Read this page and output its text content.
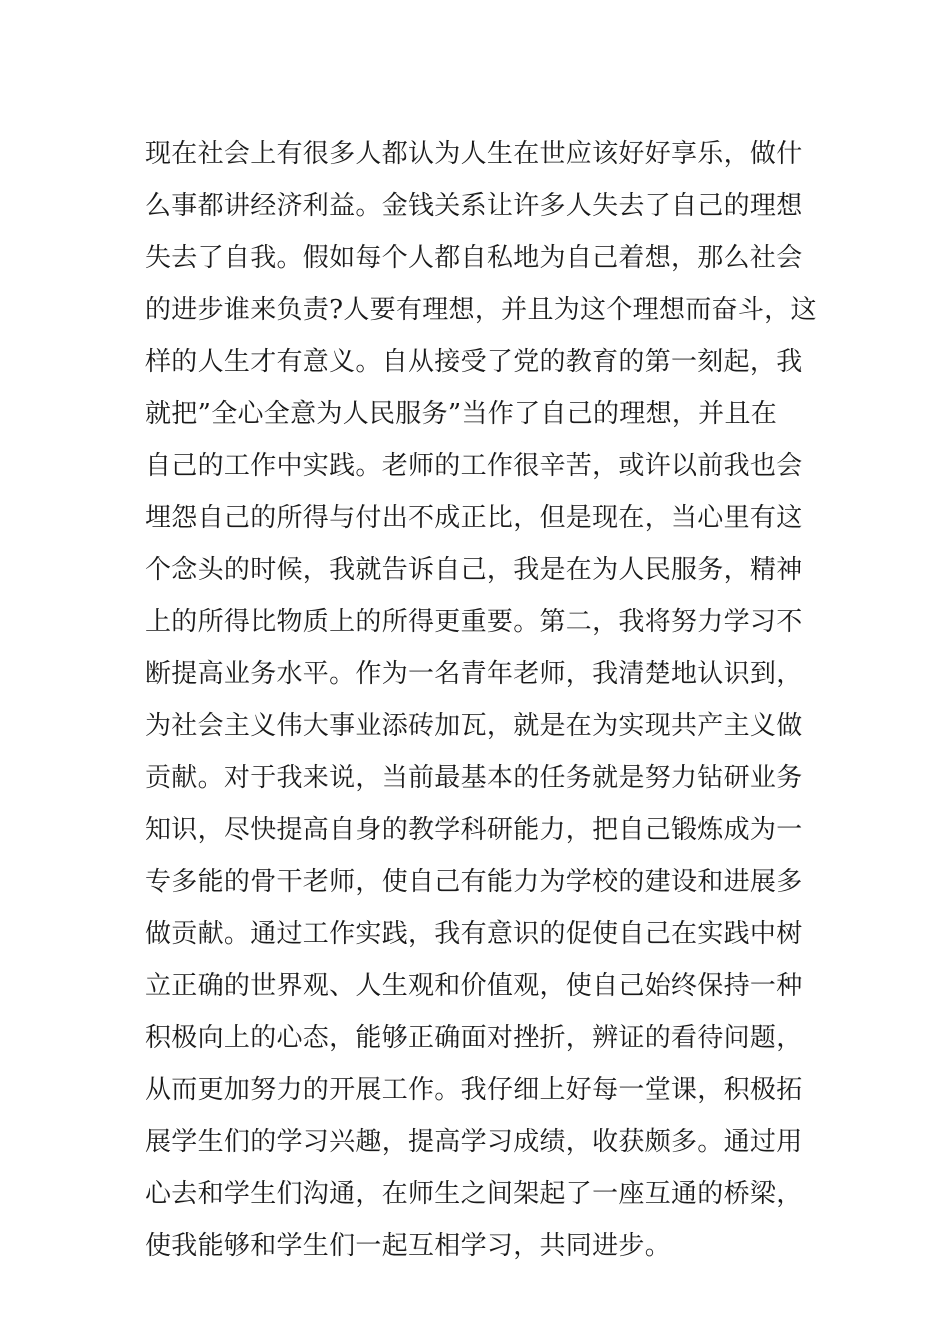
现在社会上有很多人都认为人生在世应该好好享乐，做什
么事都讲经济利益。金钱关系让许多人失去了自己的理想
失去了自我。假如每个人都自私地为自己着想，那么社会
的进步谁来负责?人要有理想，并且为这个理想而奋斗，这
样的人生才有意义。自从接受了党的教育的第一刻起，我
就把”全心全意为人民服务”当作了自己的理想，并且在
自己的工作中实践。老师的工作很辛苦，或许以前我也会
埋怨自己的所得与付出不成正比，但是现在，当心里有这
个念头的时候，我就告诉自己，我是在为人民服务，精神
上的所得比物质上的所得更重要。第二，我将努力学习不
断提高业务水平。作为一名青年老师，我清楚地认识到，
为社会主义伟大事业添砖加瓦，就是在为实现共产主义做
贡献。对于我来说，当前最基本的任务就是努力钻研业务
知识，尽快提高自身的教学科研能力，把自己锻炼成为一
专多能的骨干老师，使自己有能力为学校的建设和进展多
做贡献。通过工作实践，我有意识的促使自己在实践中树
立正确的世界观、人生观和价值观，使自己始终保持一种
积极向上的心态，能够正确面对挫折，辨证的看待问题，
从而更加努力的开展工作。我仔细上好每一堂课，积极拓
展学生们的学习兴趣，提高学习成绩，收获颇多。通过用
心去和学生们沟通，在师生之间架起了一座互通的桥梁，
使我能够和学生们一起互相学习，共同进步。
